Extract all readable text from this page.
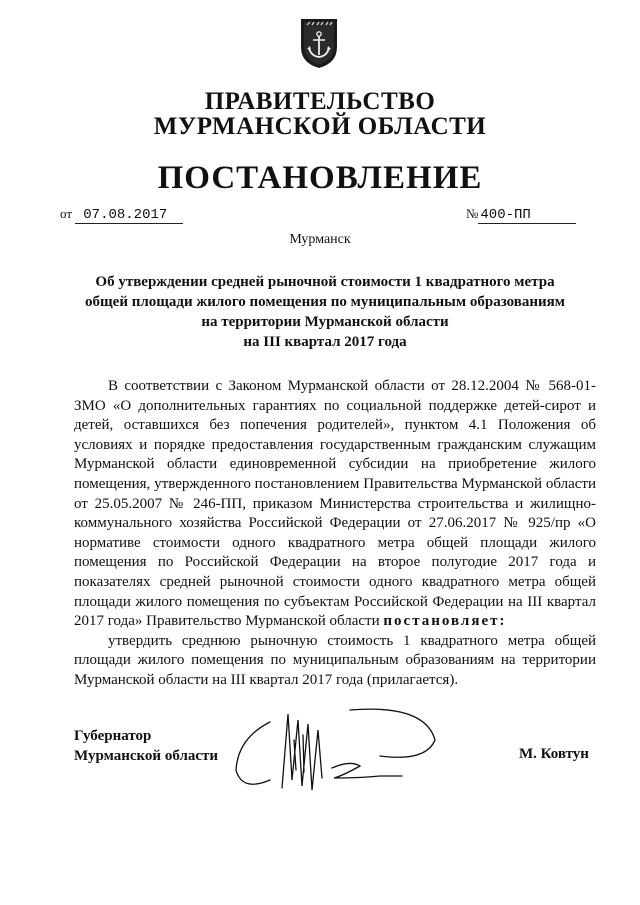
ПРАВИТЕЛЬСТВО
МУРМАНСКОЙ ОБЛАСТИ
ПОСТАНОВЛЕНИЕ
от 07.08.2017	№ 400-ПП
Мурманск
Об утверждении средней рыночной стоимости 1 квадратного метра
общей площади жилого помещения по муниципальным образованиям
на территории Мурманской области
на III квартал 2017 года

В соответствии с Законом Мурманской области от 28.12.2004 № 568-01-ЗМО «О дополнительных гарантиях по социальной поддержке детей-сирот и детей, оставшихся без попечения родителей», пунктом 4.1 Положения об условиях и порядке предоставления государственным гражданским служащим Мурманской области единовременной субсидии на приобретение жилого помещения, утвержденного постановлением Правительства Мурманской области от 25.05.2007 № 246-ПП, приказом Министерства строительства и жилищно-коммунального хозяйства Российской Федерации от 27.06.2017 № 925/пр «О нормативе стоимости одного квадратного метра общей площади жилого помещения по Российской Федерации на второе полугодие 2017 года и показателях средней рыночной стоимости одного квадратного метра общей площади жилого помещения по субъектам Российской Федерации на III квартал 2017 года» Правительство Мурманской области постановляет:

утвердить среднюю рыночную стоимость 1 квадратного метра общей площади жилого помещения по муниципальным образованиям на территории Мурманской области на III квартал 2017 года (прилагается).

Губернатор
Мурманской области	М. Ковтун
